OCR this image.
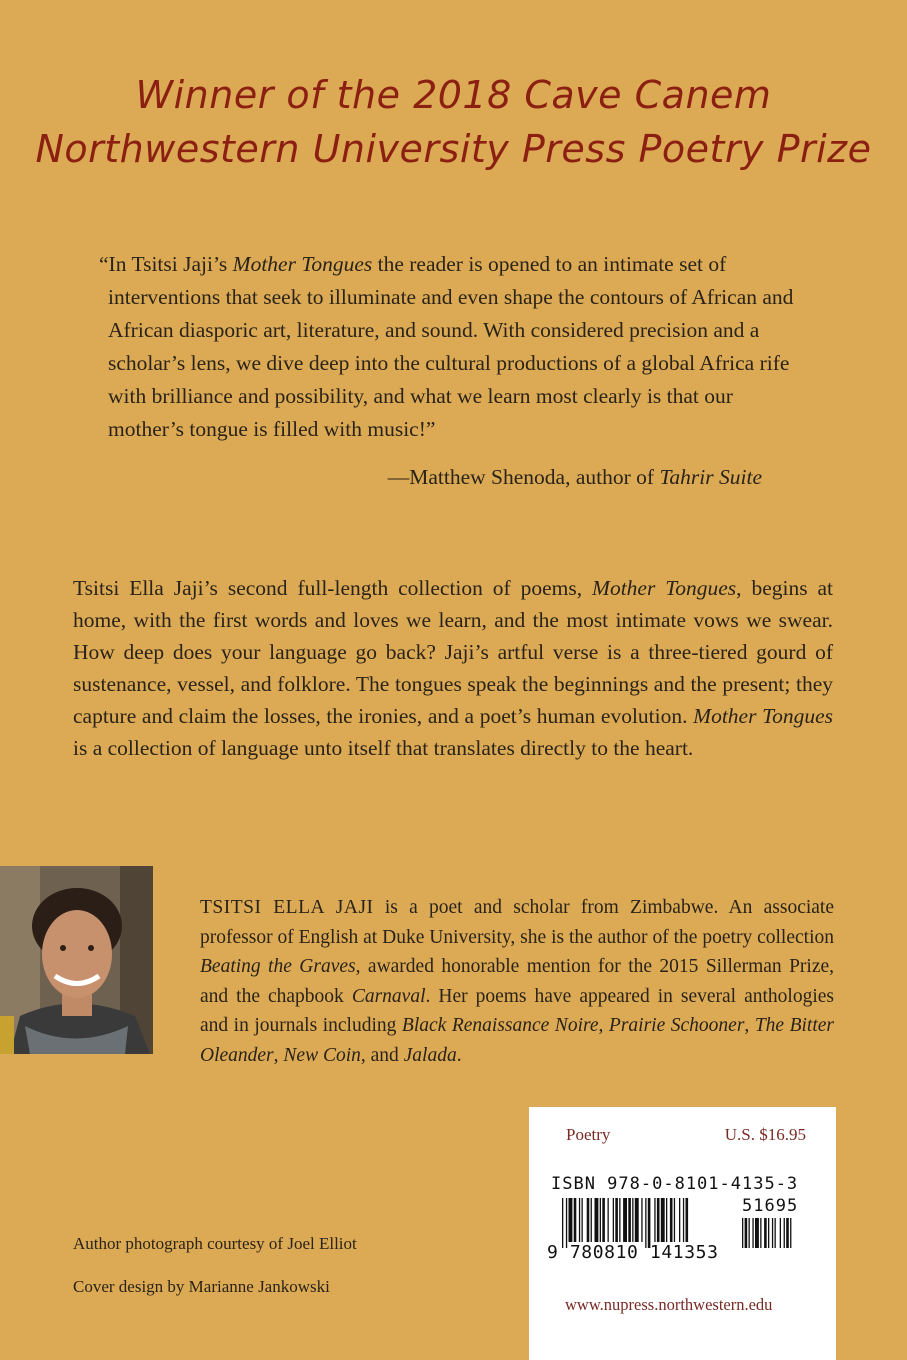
Winner of the 2018 Cave Canem
Northwestern University Press Poetry Prize

“In Tsitsi Jaji’s Mother Tongues the reader is opened to an intimate set of interventions that seek to illuminate and even shape the contours of African and African diasporic art, literature, and sound. With considered precision and a scholar’s lens, we dive deep into the cultural productions of a global Africa rife with brilliance and possibility, and what we learn most clearly is that our mother’s tongue is filled with music!”

—Matthew Shenoda, author of Tahrir Suite
Tsitsi Ella Jaji’s second full-length collection of poems, Mother Tongues, begins at home, with the first words and loves we learn, and the most intimate vows we swear. How deep does your language go back? Jaji’s artful verse is a three-tiered gourd of sustenance, vessel, and folklore. The tongues speak the beginnings and the present; they capture and claim the losses, the ironies, and a poet’s human evolution. Mother Tongues is a collection of language unto itself that translates directly to the heart.
TSITSI ELLA JAJI is a poet and scholar from Zimbabwe. An associate professor of English at Duke University, she is the author of the poetry collection Beating the Graves, awarded honorable mention for the 2015 Sillerman Prize, and the chapbook Carnaval. Her poems have appeared in several anthologies and in journals including Black Renaissance Noire, Prairie Schooner, The Bitter Oleander, New Coin, and Jalada.
Author photograph courtesy of Joel Elliot
Cover design by Marianne Jankowski
Poetry	U.S. $16.95
ISBN 978-0-8101-4135-3
51695
9 780810 141353
www.nupress.northwestern.edu
